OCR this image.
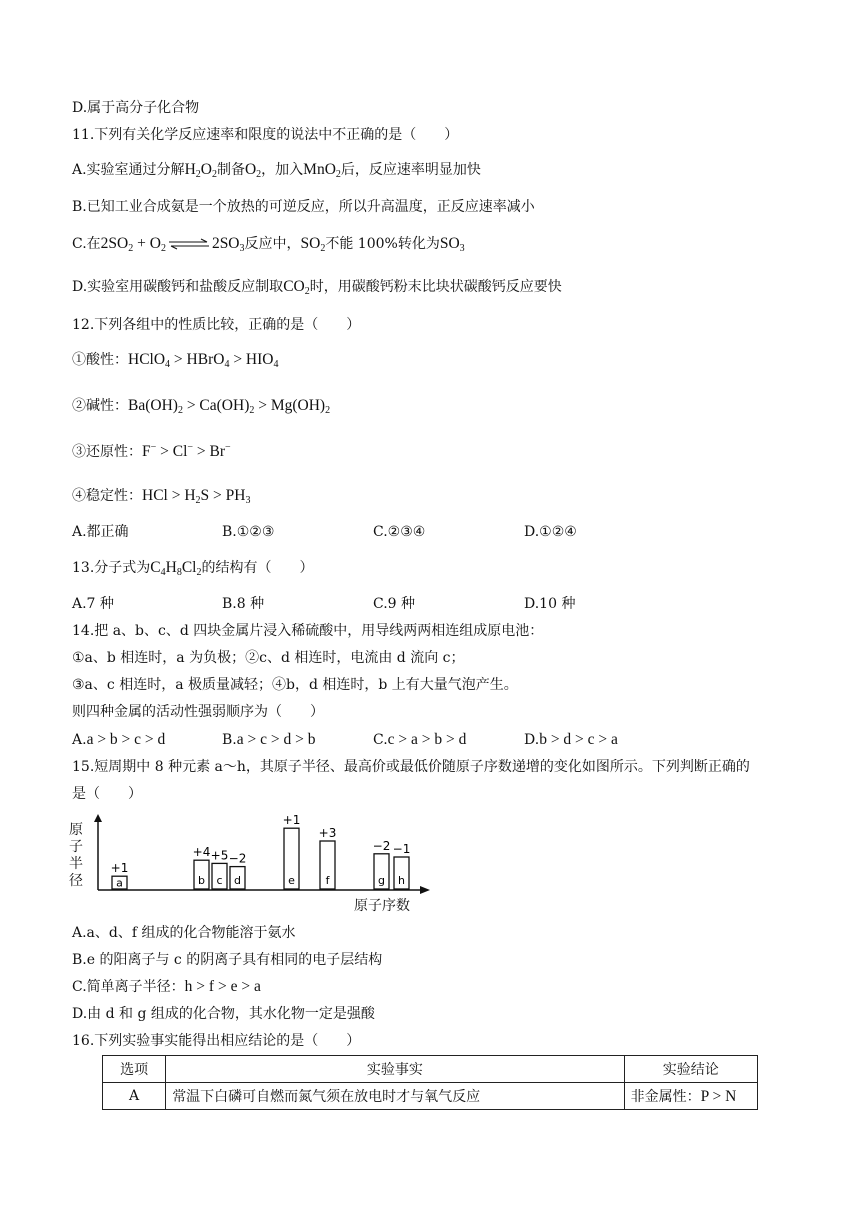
D.属于高分子化合物
11.下列有关化学反应速率和限度的说法中不正确的是（　　）
A.实验室通过分解$H_2O_2$制备$O_2$，加入MnO$_2$后，反应速率明显加快
B.已知工业合成氨是一个放热的可逆反应，所以升高温度，正反应速率减小
C.在$2SO_2$ + $O_2\rightleftharpoons 2SO_3$反应中，$SO_2$不能 100%转化为$SO_3$
D.实验室用碳酸钙和盐酸反应制取$CO_2$时，用碳酸钙粉末比块状碳酸钙反应要快
12.下列各组中的性质比较，正确的是（　　）
①酸性：HClO$_4$ > HBrO$_4$ > $HIO_4$
②碱性：$Ba(OH)_2 > Ca(OH)_2 > Mg(OH)_2$
③还原性：F− > Cl− > Br−
④稳定性：HCl > $H_2S > PH_3$
A.都正确	B.①②③	C.②③④	D.①②④
13.分子式为$C_4H_8Cl_2$的结构有（　　）
A.7 种	B.8 种	C.9 种	D.10 种
14.把 a、b、c、d 四块金属片浸入稀硫酸中，用导线两两相连组成原电池：
①a、b 相连时，a 为负极；②c、d 相连时，电流由 d 流向 c；
③a、c 相连时，a 极质量减轻；④b，d 相连时，b 上有大量气泡产生。
则四种金属的活动性强弱顺序为（　　）
A.a > b > c > d	B.a > c > d > b	C.c > a > b > d	D.b > d > c > a
15.短周期中 8 种元素 a～h，其原子半径、最高价或最低价随原子序数递增的变化如图所示。下列判断正确的
是（　　）
原子半径
原子序数
a
+1
b
+4
c
+5
d
−2
e
+1
f
+3
g
−2
h
−1
A.a、d、f 组成的化合物能溶于氨水
B.e 的阳离子与 c 的阴离子具有相同的电子层结构
C.简单离子半径：h > f > e > a
D.由 d 和 g 组成的化合物，其水化物一定是强酸
16.下列实验事实能得出相应结论的是（　　）
选项	实验事实	实验结论
A	常温下白磷可自燃而氮气须在放电时才与氧气反应	非金属性：P > N
